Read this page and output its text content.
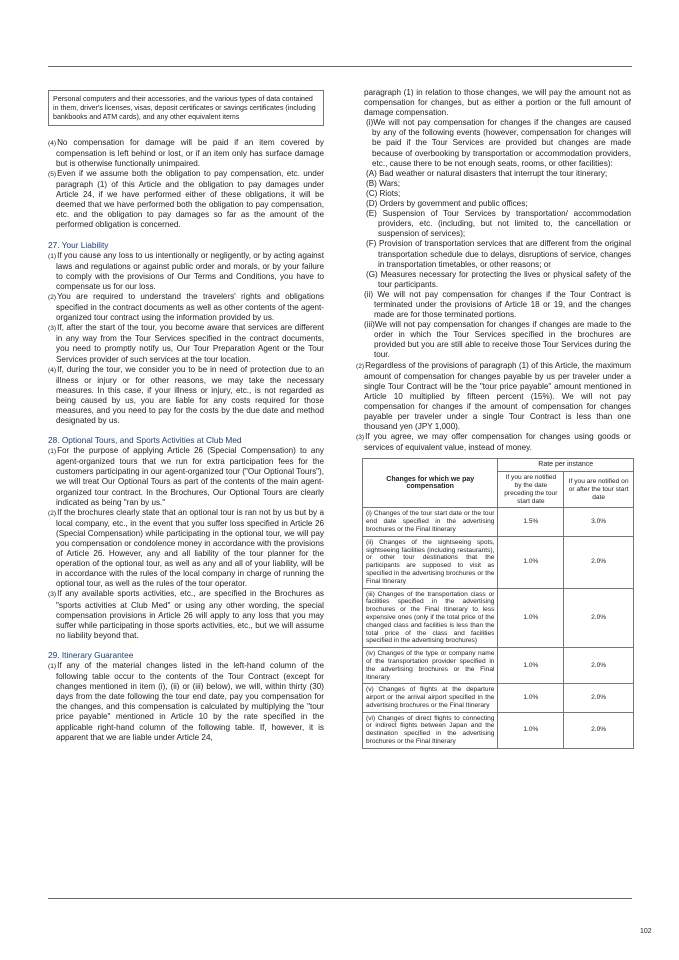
Personal computers and their accessories, and the various types of data contained in them, driver's licenses, visas, deposit certificates or savings certificates (including bankbooks and ATM cards), and any other equivalent items

(4)No compensation for damage will be paid if an item covered by compensation is left behind or lost, or if an item only has surface damage but is otherwise functionally unimpaired.

(5)Even if we assume both the obligation to pay compensation, etc. under paragraph (1) of this Article and the obligation to pay damages under Article 24, if we have performed either of these obligations, it will be deemed that we have performed both the obligation to pay compensation, etc. and the obligation to pay damages so far as the amount of the performed obligation is concerned.

27. Your Liability

(1)If you cause any loss to us intentionally or negligently, or by acting against laws and regulations or against public order and morals, or by your failure to comply with the provisions of Our Terms and Conditions, you have to compensate us for our loss.

(2)You are required to understand the travelers' rights and obligations specified in the contract documents as well as other contents of the agent-organized tour contract using the information provided by us.

(3)If, after the start of the tour, you become aware that services are different in any way from the Tour Services specified in the contract documents, you need to promptly notify us, Our Tour Preparation Agent or the Tour Services provider of such services at the tour location.

(4)If, during the tour, we consider you to be in need of protection due to an illness or injury or for other reasons, we may take the necessary measures. In this case, if your illness or injury, etc., is not regarded as being caused by us, you are liable for any costs required for those measures, and you need to pay for the costs by the due date and method designated by us.

28. Optional Tours, and Sports Activities at Club Med

(1)For the purpose of applying Article 26 (Special Compensation) to any agent-organized tours that we run for extra participation fees for the customers participating in our agent-organized tour ("Our Optional Tours"), we will treat Our Optional Tours as part of the contents of the main agent-organized tour contract. In the Brochures, Our Optional Tours are clearly indicated as being "ran by us."

(2)If the brochures clearly state that an optional tour is ran not by us but by a local company, etc., in the event that you suffer loss specified in Article 26 (Special Compensation) while participating in the optional tour, we will pay you compensation or condolence money in accordance with the provisions of Article 26. However, any and all liability of the tour planner for the operation of the optional tour, as well as any and all of your liability, will be in accordance with the rules of the local company in charge of running the optional tour, as well as the rules of the tour operator.

(3)If any available sports activities, etc., are specified in the Brochures as "sports activities at Club Med" or using any other wording, the special compensation provisions in Article 26 will apply to any loss that you may suffer while participating in those sports activities, etc., but we will assume no liability beyond that.

29. Itinerary Guarantee

(1)If any of the material changes listed in the left-hand column of the following table occur to the contents of the Tour Contract (except for changes mentioned in item (i), (ii) or (iii) below), we will, within thirty (30) days from the date following the tour end date, pay you compensation for the changes, and this compensation is calculated by multiplying the "tour price payable" mentioned in Article 10 by the rate specified in the applicable right-hand column of the following table. If, however, it is apparent that we are liable under Article 24,

paragraph (1) in relation to those changes, we will pay the amount not as compensation for changes, but as either a portion or the full amount of damage compensation.

(i)We will not pay compensation for changes if the changes are caused by any of the following events (however, compensation for changes will be paid if the Tour Services are provided but changes are made because of overbooking by transportation or accommodation providers, etc., cause there to be not enough seats, rooms, or other facilities):

(A) Bad weather or natural disasters that interrupt the tour itinerary;

(B) Wars;

(C) Riots;

(D) Orders by government and public offices;

(E) Suspension of Tour Services by transportation/ accommodation providers, etc. (including, but not limited to, the cancellation or suspension of services);

(F) Provision of transportation services that are different from the original transportation schedule due to delays, disruptions of service, changes in transportation timetables, or other reasons; or

(G) Measures necessary for protecting the lives or physical safety of the tour participants.

(ii) We will not pay compensation for changes if the Tour Contract is terminated under the provisions of Article 18 or 19, and the changes made are for those terminated portions.

(iii)We will not pay compensation for changes if changes are made to the order in which the Tour Services specified in the brochures are provided but you are still able to receive those Tour Services during the tour.

(2)Regardless of the provisions of paragraph (1) of this Article, the maximum amount of compensation for changes payable by us per traveler under a single Tour Contract will be the "tour price payable" amount mentioned in Article 10 multiplied by fifteen percent (15%). We will not pay compensation for changes if the amount of compensation for changes payable per traveler under a single Tour Contract is less than one thousand yen (JPY 1,000).

(3)If you agree, we may offer compensation for changes using goods or services of equivalent value, instead of money.

Changes for which we pay compensation	Rate per instance	
	If you are notified by the date preceding the tour start date	If you are notified on or after the tour start date
(i) Changes of the tour start date or the tour end date specified in the advertising brochures or the Final Itinerary	1.5%	3.0%
(ii) Changes of the sightseeing spots, sightseeing facilities (including restaurants), or other tour destinations that the participants are supposed to visit as specified in the advertising brochures or the Final Itinerary	1.0%	2.0%
(iii) Changes of the transportation class or facilities specified in the advertising brochures or the Final Itinerary to less expensive ones (only if the total price of the changed class and facilities is less than the total price of the class and facilities specified in the advertising brochures)	1.0%	2.0%
(iv) Changes of the type or company name of the transportation provider specified in the advertising brochures or the Final Itinerary	1.0%	2.0%
(v) Changes of flights at the departure airport or the arrival airport specified in the advertising brochures or the Final Itinerary	1.0%	2.0%
(vi) Changes of direct flights to connecting or indirect flights between Japan and the destination specified in the advertising brochures or the Final Itinerary	1.0%	2.0%
102
